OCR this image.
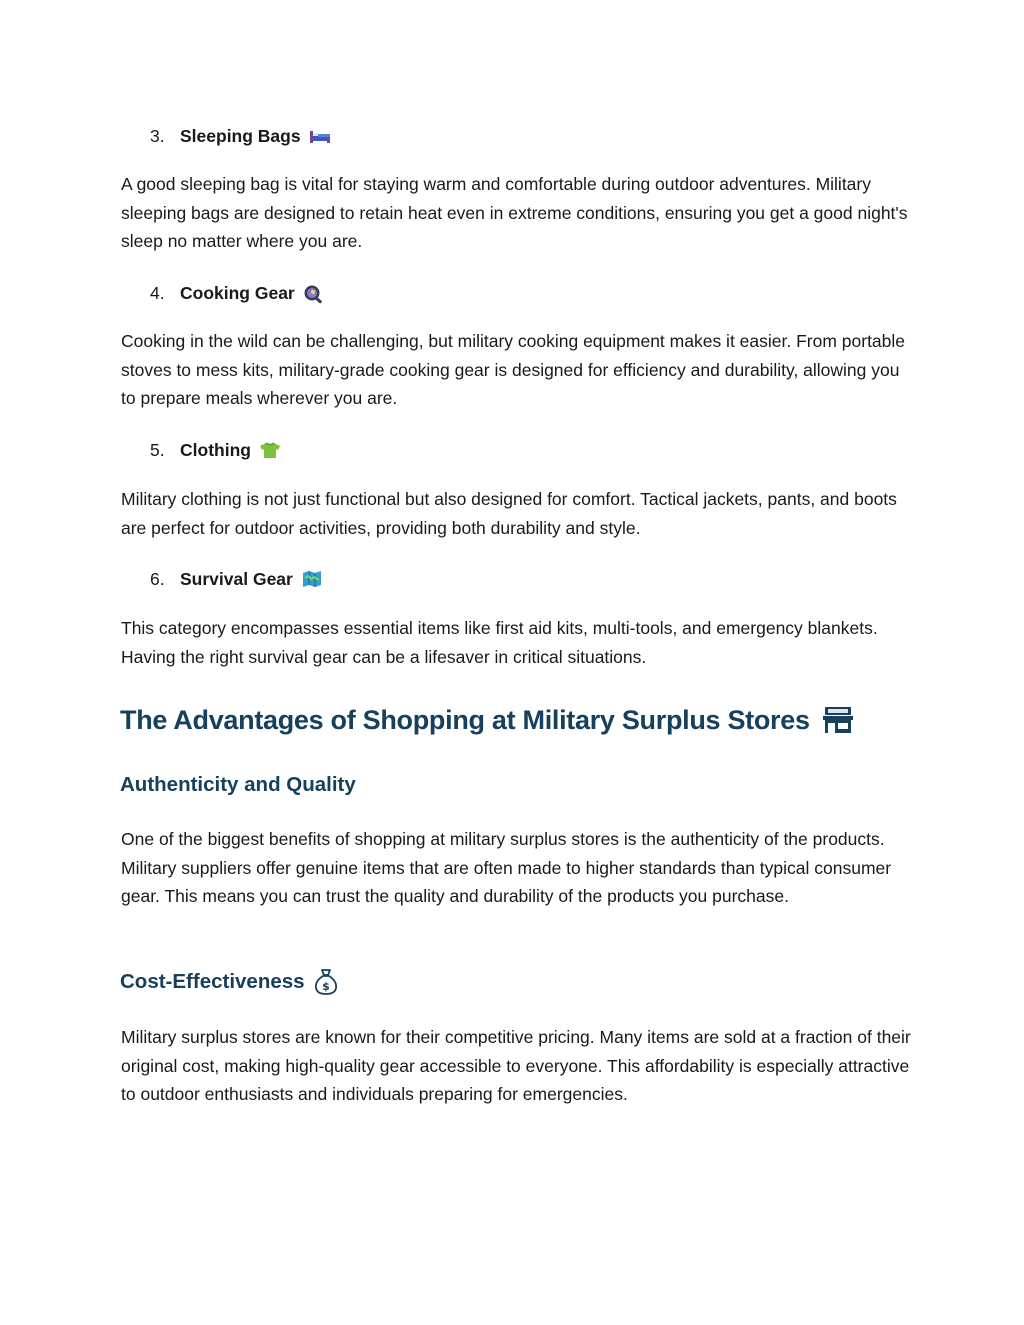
3. Sleeping Bags

A good sleeping bag is vital for staying warm and comfortable during outdoor adventures. Military sleeping bags are designed to retain heat even in extreme conditions, ensuring you get a good night's sleep no matter where you are.

4. Cooking Gear

Cooking in the wild can be challenging, but military cooking equipment makes it easier. From portable stoves to mess kits, military-grade cooking gear is designed for efficiency and durability, allowing you to prepare meals wherever you are.

5. Clothing

Military clothing is not just functional but also designed for comfort. Tactical jackets, pants, and boots are perfect for outdoor activities, providing both durability and style.

6. Survival Gear

This category encompasses essential items like first aid kits, multi-tools, and emergency blankets. Having the right survival gear can be a lifesaver in critical situations.

The Advantages of Shopping at Military Surplus Stores
Authenticity and Quality

One of the biggest benefits of shopping at military surplus stores is the authenticity of the products. Military suppliers offer genuine items that are often made to higher standards than typical consumer gear. This means you can trust the quality and durability of the products you purchase.

Cost-Effectiveness $

Military surplus stores are known for their competitive pricing. Many items are sold at a fraction of their original cost, making high-quality gear accessible to everyone. This affordability is especially attractive to outdoor enthusiasts and individuals preparing for emergencies.
